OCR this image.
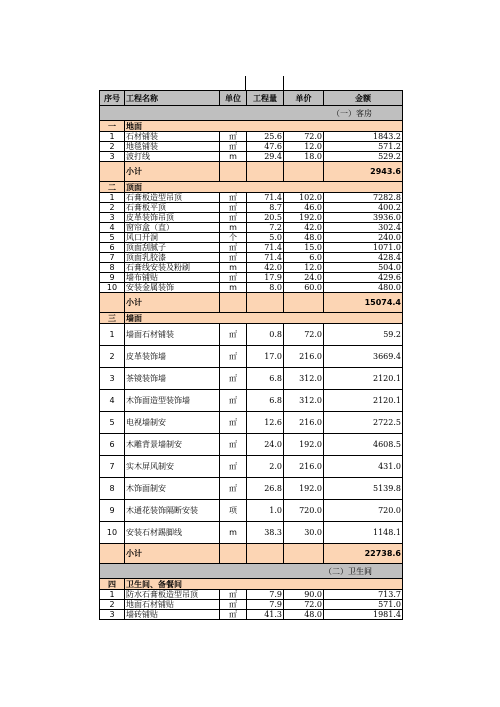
序号	工程名称	单位	工程量	单价	金额
（一）客房					
一	地面				
1	石材铺装	㎡	25.6	72.0	1843.2
2	地毯铺装	㎡	47.6	12.0	571.2
3	波打线	m	29.4	18.0	529.2
	小计				2943.6
二	顶面				
1	石膏板造型吊顶	㎡	71.4	102.0	7282.8
2	石膏板平顶	㎡	8.7	46.0	400.2
3	皮革装饰吊顶	㎡	20.5	192.0	3936.0
4	窗帘盒（直）	m	7.2	42.0	302.4
5	风口开洞	个	5.0	48.0	240.0
6	顶面刮腻子	㎡	71.4	15.0	1071.0
7	顶面乳胶漆	㎡	71.4	6.0	428.4
8	石膏线安装及粉刷	m	42.0	12.0	504.0
9	墙布铺贴	㎡	17.9	24.0	429.6
10	安装金属装饰	m	8.0	60.0	480.0
	小计				15074.4
三	墙面				
1	墙面石材铺装	㎡	0.8	72.0	59.2
2	皮革装饰墙	㎡	17.0	216.0	3669.4
3	茶镜装饰墙	㎡	6.8	312.0	2120.1
4	木饰面造型装饰墙	㎡	6.8	312.0	2120.1
5	电视墙制安	㎡	12.6	216.0	2722.5
6	木雕背景墙制安	㎡	24.0	192.0	4608.5
7	实木屏风制安	㎡	2.0	216.0	431.0
8	木饰面制安	㎡	26.8	192.0	5139.8
9	木通花装饰隔断安装	项	1.0	720.0	720.0
10	安装石材踢脚线	m	38.3	30.0	1148.1
	小计				22738.6
（二）卫生间					
四	卫生间、备餐间				
1	防水石膏板造型吊顶	㎡	7.9	90.0	713.7
2	地面石材铺贴	㎡	7.9	72.0	571.0
3	墙砖铺贴	㎡	41.3	48.0	1981.4
